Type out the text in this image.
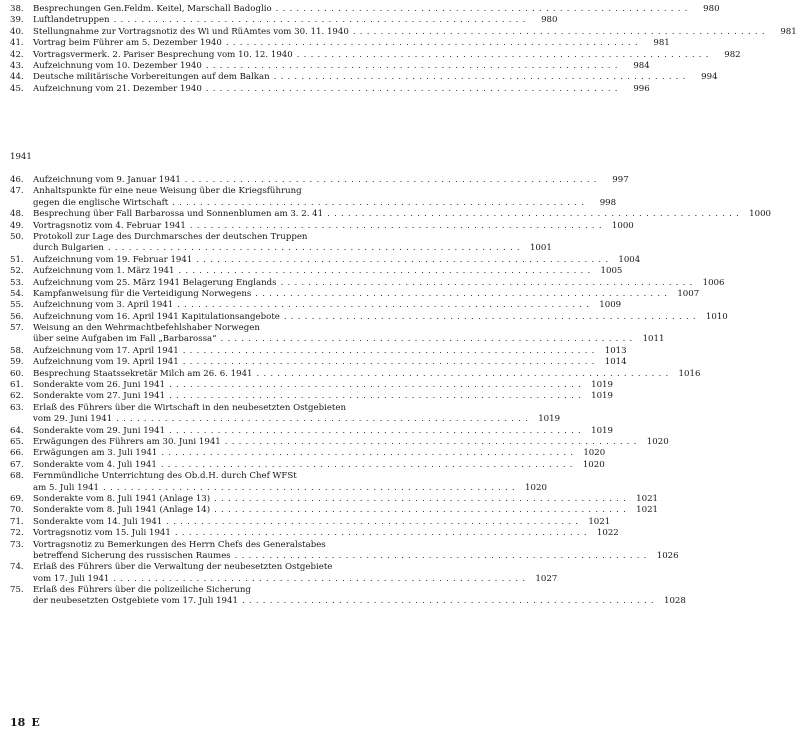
38.	Besprechungen Gen.Feldm. Keitel, Marschall Badoglio ............................................................	980
39.	Luftlandetruppen ............................................................	980
40.	Stellungnahme zur Vortragsnotiz des Wi und RüAmtes vom 30. 11. 1940 ............................................................	981
41.	Vortrag beim Führer am 5. Dezember 1940 ............................................................	981
42.	Vortragsvermerk. 2. Pariser Besprechung vom 10. 12. 1940 ............................................................	982
43.	Aufzeichnung vom 10. Dezember 1940 ............................................................	984
44.	Deutsche militärische Vorbereitungen auf dem Balkan ............................................................	994
45.	Aufzeichnung vom 21. Dezember 1940 ............................................................	996
1941
46.	Aufzeichnung vom 9. Januar 1941 ............................................................	997
47.	Anhaltspunkte für eine neue Weisung über die Kriegsführung
gegen die englische Wirtschaft ............................................................	998
48.	Besprechung über Fall Barbarossa und Sonnenblumen am 3. 2. 41 ............................................................ 1000
49.	Vortragsnotiz vom 4. Februar 1941 ............................................................ 1000
50.	Protokoll zur Lage des Durchmarsches der deutschen Truppen
durch Bulgarien ............................................................ 1001
51.	Aufzeichnung vom 19. Februar 1941 ............................................................ 1004
52.	Aufzeichnung vom 1. März 1941 ............................................................ 1005
53.	Aufzeichnung vom 25. März 1941 Belagerung Englands ............................................................ 1006
54.	Kampfanweisung für die Verteidigung Norwegens ............................................................ 1007
55.	Aufzeichnung vom 3. April 1941 ............................................................ 1009
56.	Aufzeichnung vom 16. April 1941 Kapitulationsangebote ............................................................ 1010
57.	Weisung an den Wehrmachtbefehlshaber Norwegen
über seine Aufgaben im Fall „Barbarossa“ ............................................................ 1011
58.	Aufzeichnung vom 17. April 1941 ............................................................ 1013
59.	Aufzeichnung vom 19. April 1941 ............................................................ 1014
60.	Besprechung Staatssekretär Milch am 26. 6. 1941 ............................................................ 1016
61.	Sonderakte vom 26. Juni 1941 ............................................................ 1019
62.	Sonderakte vom 27. Juni 1941 ............................................................ 1019
63.	Erlaß des Führers über die Wirtschaft in den neubesetzten Ostgebieten
vom 29. Juni 1941 ............................................................ 1019
64.	Sonderakte vom 29. Juni 1941 ............................................................ 1019
65.	Erwägungen des Führers am 30. Juni 1941 ............................................................ 1020
66.	Erwägungen am 3. Juli 1941 ............................................................ 1020
67.	Sonderakte vom 4. Juli 1941 ............................................................ 1020
68.	Fernmündliche Unterrichtung des Ob.d.H. durch Chef WFSt
am 5. Juli 1941 ............................................................ 1020
69.	Sonderakte vom 8. Juli 1941 (Anlage 13) ............................................................ 1021
70.	Sonderakte vom 8. Juli 1941 (Anlage 14) ............................................................ 1021
71.	Sonderakte vom 14. Juli 1941 ............................................................ 1021
72.	Vortragsnotiz vom 15. Juli 1941 ............................................................ 1022
73.	Vortragsnotiz zu Bemerkungen des Herrn Chefs des Generalstabes
betreffend Sicherung des russischen Raumes ............................................................ 1026
74.	Erlaß des Führers über die Verwaltung der neubesetzten Ostgebiete
vom 17. Juli 1941 ............................................................ 1027
75.	Erlaß des Führers über die polizeiliche Sicherung
der neubesetzten Ostgebiete vom 17. Juli 1941 ............................................................ 1028
18 E
